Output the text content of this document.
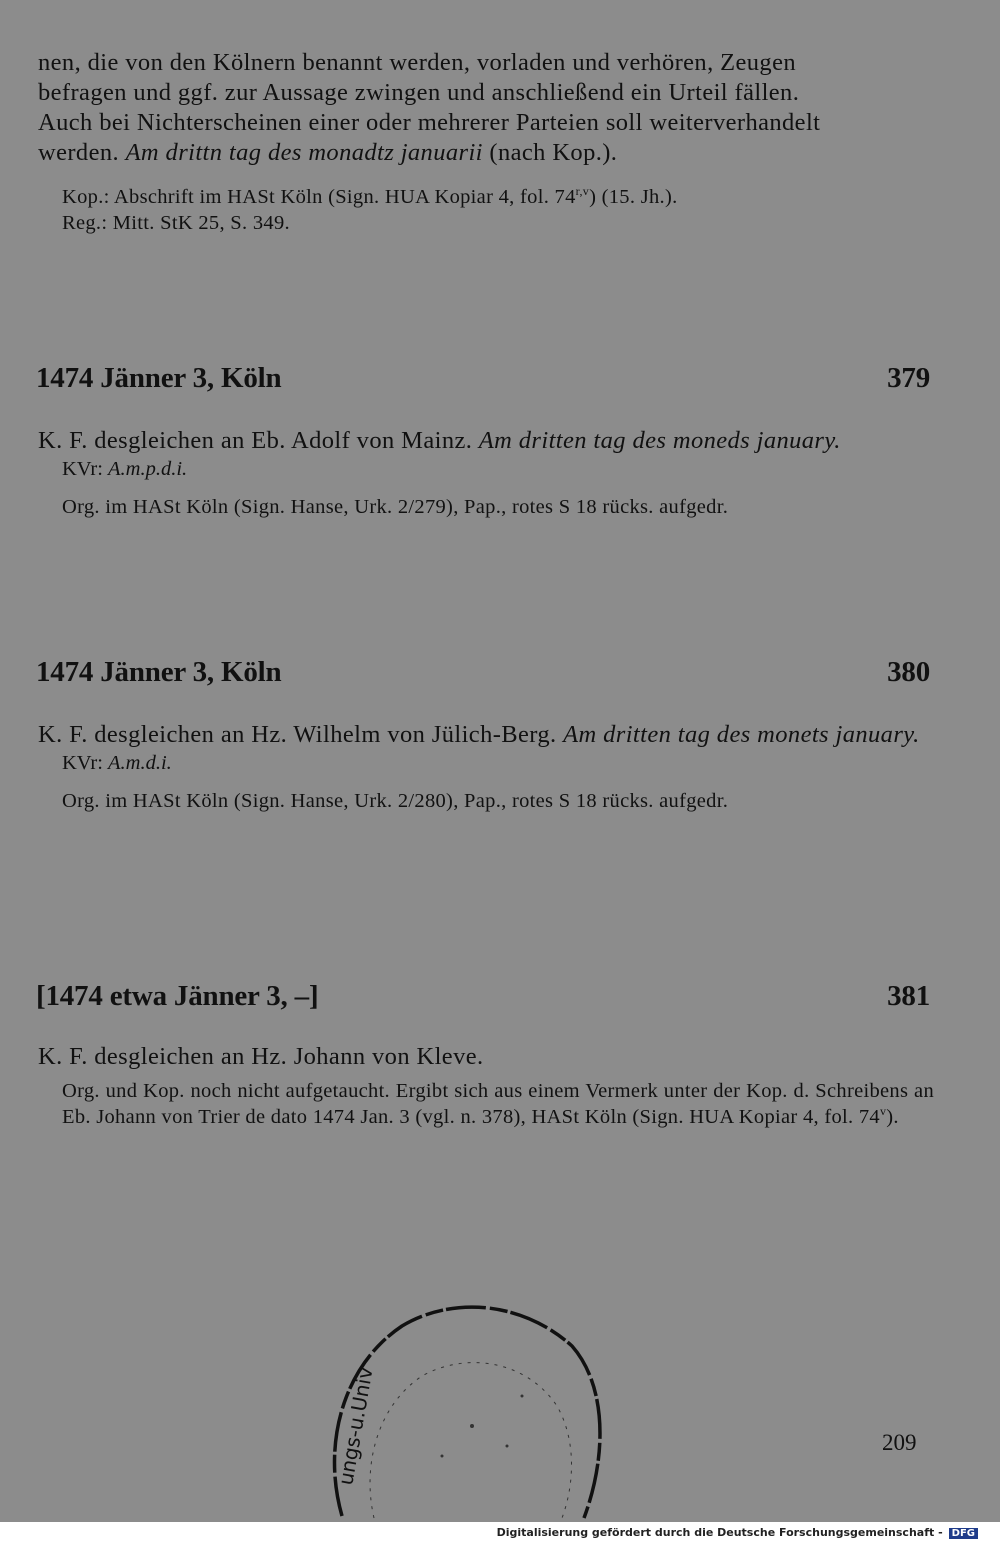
nen, die von den Kölnern benannt werden, vorladen und verhören, Zeugen

befragen und ggf. zur Aussage zwingen und anschließend ein Urteil fällen.

Auch bei Nichterscheinen einer oder mehrerer Parteien soll weiterverhandelt

werden. Am drittn tag des monadtz januarii (nach Kop.).

Kop.: Abschrift im HASt Köln (Sign. HUA Kopiar 4, fol. 74$^{r,v}$) (15. Jh.).

Reg.: Mitt. StK 25, S. 349.

1474 Jänner 3, Köln	379

K. F. desgleichen an Eb. Adolf von Mainz. Am dritten tag des moneds january.

KVr: A.m.p.d.i.

Org. im HASt Köln (Sign. Hanse, Urk. 2/279), Pap., rotes S 18 rücks. aufgedr.

1474 Jänner 3, Köln	380

K. F. desgleichen an Hz. Wilhelm von Jülich-Berg. Am dritten tag des monets january.

KVr: A.m.d.i.

Org. im HASt Köln (Sign. Hanse, Urk. 2/280), Pap., rotes S 18 rücks. aufgedr.

[1474 etwa Jänner 3, –]	381

K. F. desgleichen an Hz. Johann von Kleve.

Org. und Kop. noch nicht aufgetaucht. Ergibt sich aus einem Vermerk unter der Kop. d. Schreibens an Eb. Johann von Trier de dato 1474 Jan. 3 (vgl. n. 378), HASt Köln (Sign. HUA Kopiar 4, fol. 74$^v$).

ungs-u.Univ	209
Digitalisierung gefördert durch die Deutsche Forschungsgemeinschaft - DFG
